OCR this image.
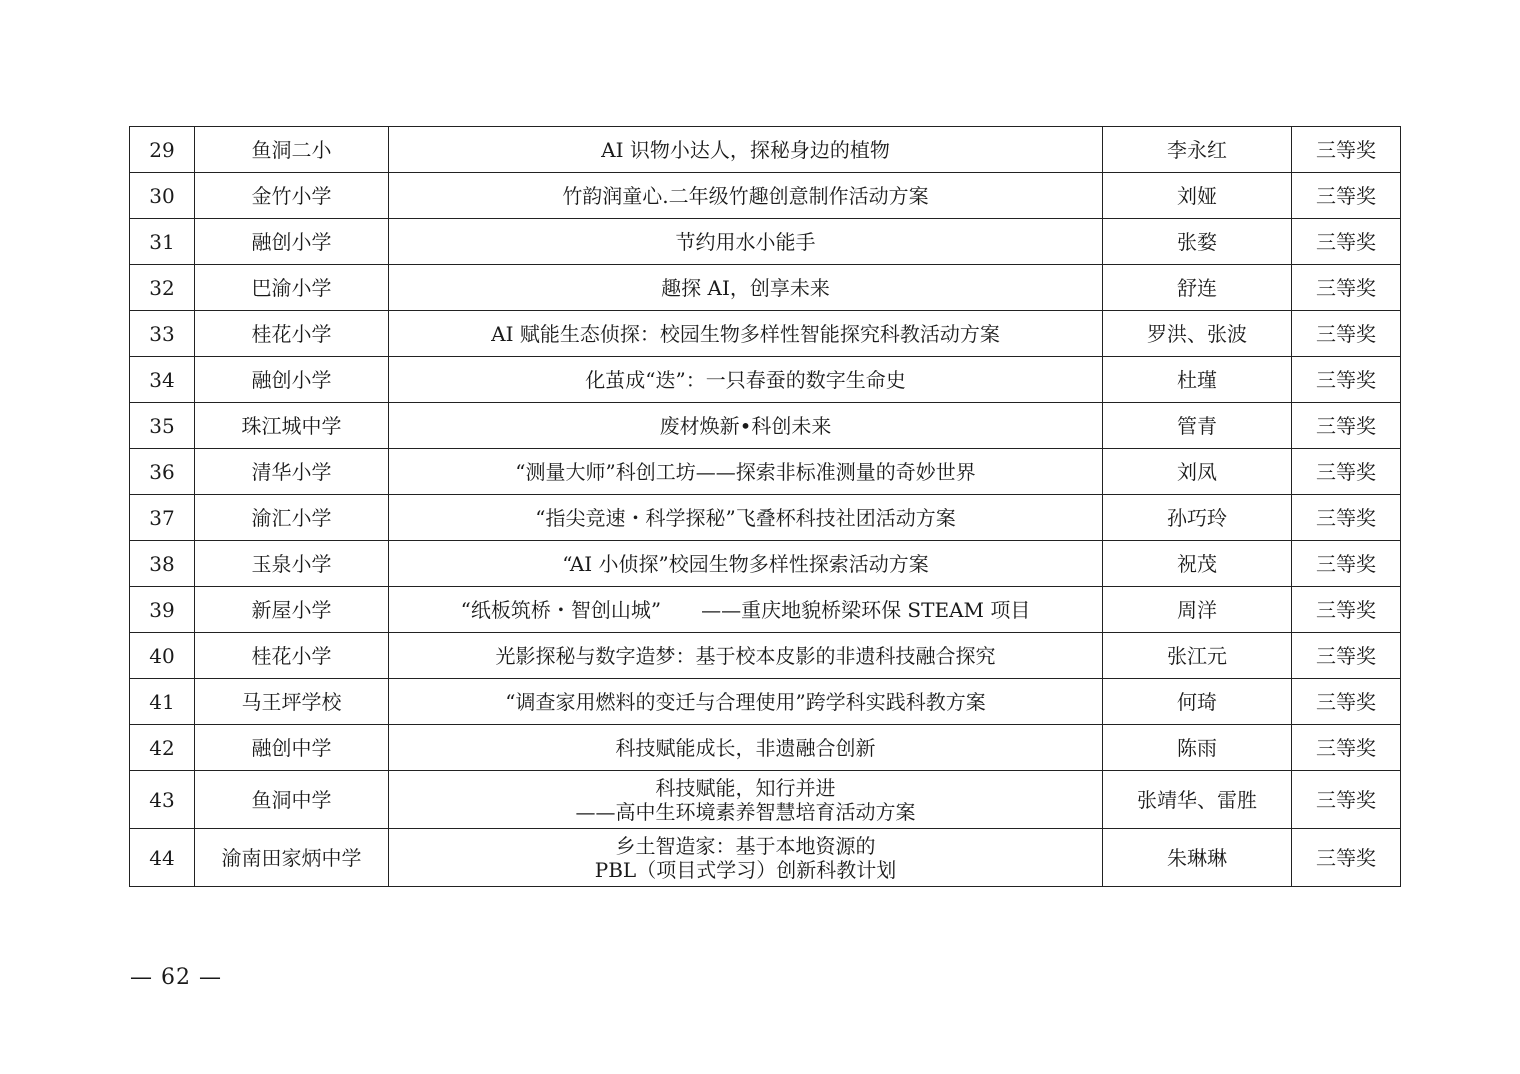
29	鱼洞二小	AI 识物小达人，探秘身边的植物	李永红	三等奖
30	金竹小学	竹韵润童心.二年级竹趣创意制作活动方案	刘娅	三等奖
31	融创小学	节约用水小能手	张婺	三等奖
32	巴渝小学	趣探 AI，创享未来	舒连	三等奖
33	桂花小学	AI 赋能生态侦探：校园生物多样性智能探究科教活动方案	罗洪、张波	三等奖
34	融创小学	化茧成“迭”：一只春蚕的数字生命史	杜瑾	三等奖
35	珠江城中学	废材焕新•科创未来	管青	三等奖
36	清华小学	“测量大师”科创工坊——探索非标准测量的奇妙世界	刘凤	三等奖
37	渝汇小学	“指尖竞速・科学探秘”飞叠杯科技社团活动方案	孙巧玲	三等奖
38	玉泉小学	“AI 小侦探”校园生物多样性探索活动方案	祝茂	三等奖
39	新屋小学	“纸板筑桥・智创山城”　　——重庆地貌桥梁环保 STEAM 项目	周洋	三等奖
40	桂花小学	光影探秘与数字造梦：基于校本皮影的非遗科技融合探究	张江元	三等奖
41	马王坪学校	“调查家用燃料的变迁与合理使用”跨学科实践科教方案	何琦	三等奖
42	融创中学	科技赋能成长，非遗融合创新	陈雨	三等奖
43	鱼洞中学	科技赋能，知行并进
——高中生环境素养智慧培育活动方案	张靖华、雷胜	三等奖
44	渝南田家炳中学	乡土智造家：基于本地资源的
PBL（项目式学习）创新科教计划	朱琳琳	三等奖
— 62 —
